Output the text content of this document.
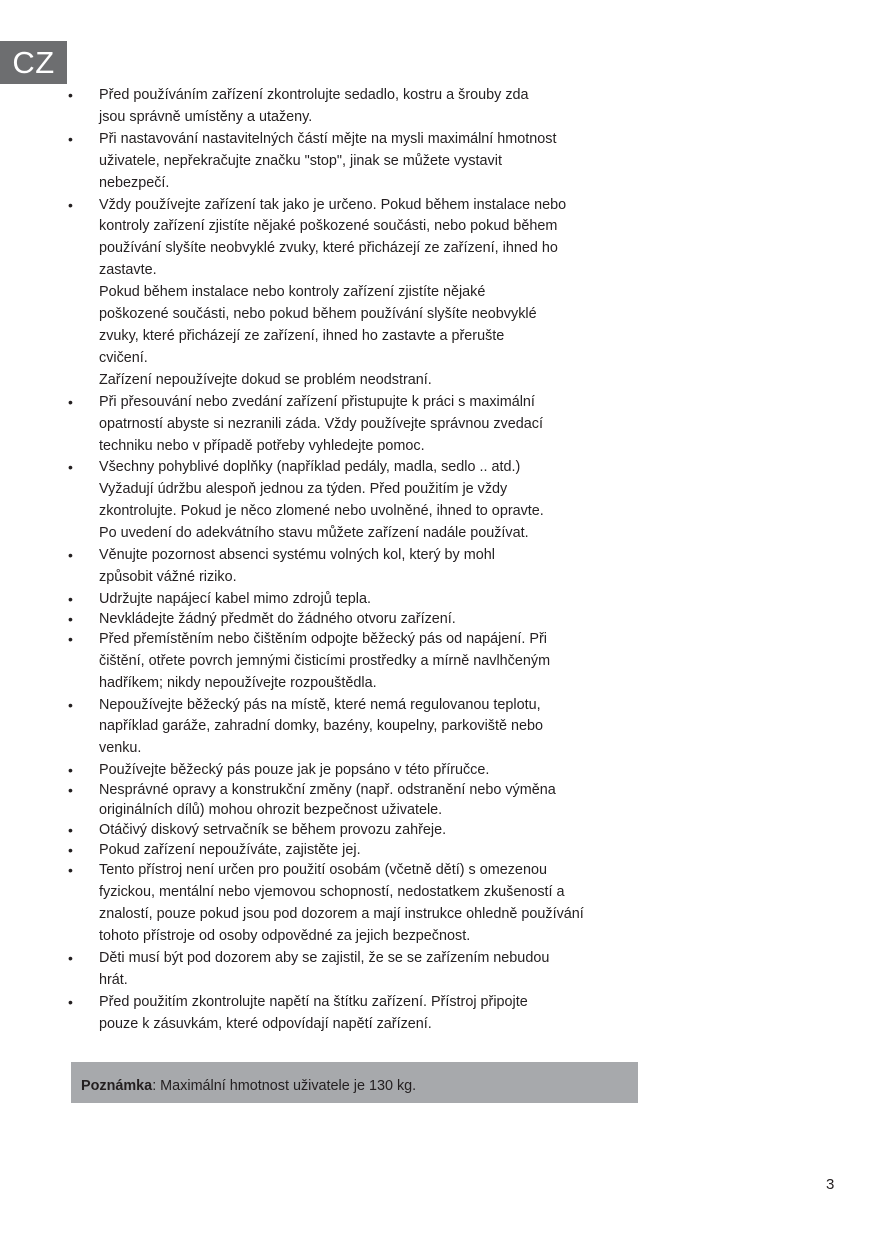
CZ
• Před používáním zařízení zkontrolujte sedadlo, kostru a šrouby zda
jsou správně umístěny a utaženy.
• Při nastavování nastavitelných částí mějte na mysli maximální hmotnost
uživatele, nepřekračujte značku "stop", jinak se můžete vystavit
nebezpečí.
• Vždy používejte zařízení tak jako je určeno. Pokud během instalace nebo
kontroly zařízení zjistíte nějaké poškozené součásti, nebo pokud během
používání slyšíte neobvyklé zvuky, které přicházejí ze zařízení, ihned ho
zastavte.
Pokud během instalace nebo kontroly zařízení zjistíte nějaké
poškozené součásti, nebo pokud během používání slyšíte neobvyklé
zvuky, které přicházejí ze zařízení, ihned ho zastavte a přerušte
cvičení.
Zařízení nepoužívejte dokud se problém neodstraní.
• Při přesouvání nebo zvedání zařízení přistupujte k práci s maximální
opatrností abyste si nezranili záda. Vždy používejte správnou zvedací
techniku nebo v případě potřeby vyhledejte pomoc.
• Všechny pohyblivé doplňky (například pedály, madla, sedlo .. atd.)
Vyžadují údržbu alespoň jednou za týden. Před použitím je vždy
zkontrolujte. Pokud je něco zlomené nebo uvolněné, ihned to opravte.
Po uvedení do adekvátního stavu můžete zařízení nadále používat.
• Věnujte pozornost absenci systému volných kol, který by mohl
způsobit vážné riziko.
• Udržujte napájecí kabel mimo zdrojů tepla.
• Nevkládejte žádný předmět do žádného otvoru zařízení.
• Před přemístěním nebo čištěním odpojte běžecký pás od napájení. Při
čištění, otřete povrch jemnými čisticími prostředky a mírně navlhčeným
hadříkem; nikdy nepoužívejte rozpouštědla.
• Nepoužívejte běžecký pás na místě, které nemá regulovanou teplotu,
například garáže, zahradní domky, bazény, koupelny, parkoviště nebo
venku.
• Používejte běžecký pás pouze jak je popsáno v této příručce.
• Nesprávné opravy a konstrukční změny (např. odstranění nebo výměna
originálních dílů) mohou ohrozit bezpečnost uživatele.
• Otáčivý diskový setrvačník se během provozu zahřeje.
• Pokud zařízení nepoužíváte, zajistěte jej.
• Tento přístroj není určen pro použití osobám (včetně dětí) s omezenou
fyzickou, mentální nebo vjemovou schopností, nedostatkem zkušeností a
znalostí, pouze pokud jsou pod dozorem a mají instrukce ohledně používání
tohoto přístroje od osoby odpovědné za jejich bezpečnost.
• Děti musí být pod dozorem aby se zajistil, že se se zařízením nebudou
hrát.
• Před použitím zkontrolujte napětí na štítku zařízení. Přístroj připojte
pouze k zásuvkám, které odpovídají napětí zařízení.
Poznámka: Maximální hmotnost uživatele je 130 kg.
3
